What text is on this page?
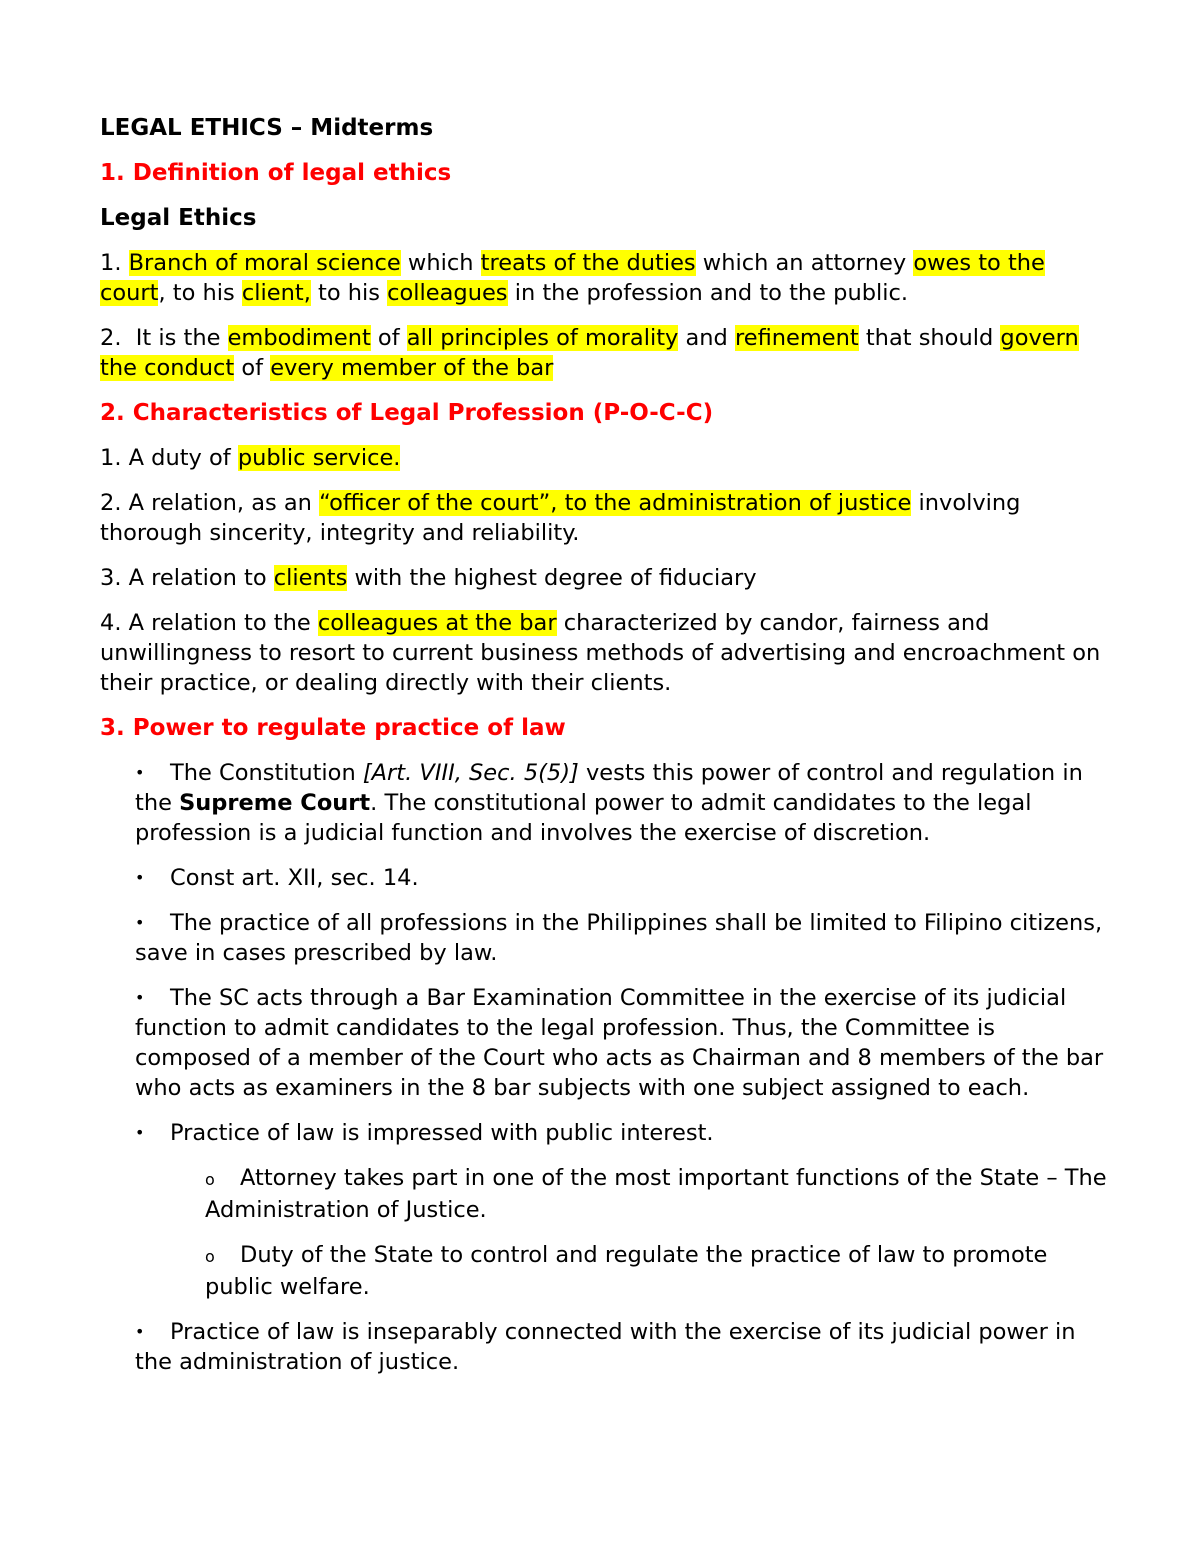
LEGAL ETHICS – Midterms

1. Definition of legal ethics

Legal Ethics

1. Branch of moral science which treats of the duties which an attorney owes to the court, to his client, to his colleagues in the profession and to the public.

2.  It is the embodiment of all principles of morality and refinement that should govern the conduct of every member of the bar

2. Characteristics of Legal Profession (P-O-C-C)

1. A duty of public service.

2. A relation, as an “officer of the court”, to the administration of justice involving thorough sincerity, integrity and reliability.

3. A relation to clients with the highest degree of fiduciary

4. A relation to the colleagues at the bar characterized by candor, fairness and unwillingness to resort to current business methods of advertising and encroachment on their practice, or dealing directly with their clients.

3. Power to regulate practice of law

• The Constitution [Art. VIII, Sec. 5(5)] vests this power of control and regulation in the Supreme Court. The constitutional power to admit candidates to the legal profession is a judicial function and involves the exercise of discretion.

• Const art. XII, sec. 14.

• The practice of all professions in the Philippines shall be limited to Filipino citizens, save in cases prescribed by law.

• The SC acts through a Bar Examination Committee in the exercise of its judicial function to admit candidates to the legal profession. Thus, the Committee is composed of a member of the Court who acts as Chairman and 8 members of the bar who acts as examiners in the 8 bar subjects with one subject assigned to each.

• Practice of law is impressed with public interest.

o Attorney takes part in one of the most important functions of the State – The Administration of Justice.

o Duty of the State to control and regulate the practice of law to promote public welfare.

• Practice of law is inseparably connected with the exercise of its judicial power in the administration of justice.
